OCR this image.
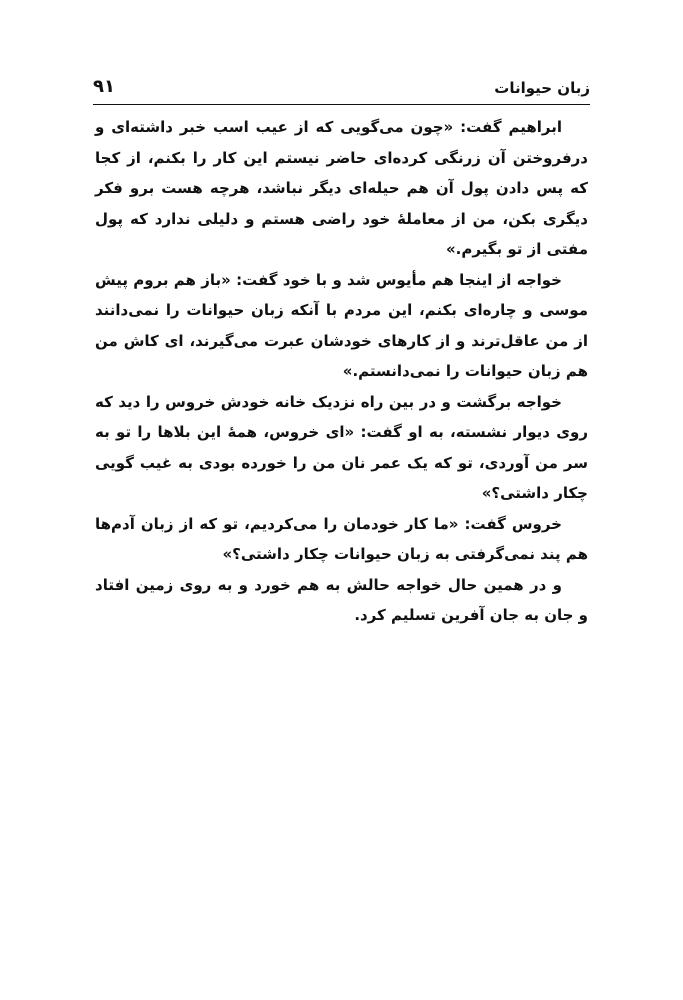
زبان حیوانات
۹۱

ابراهیم گفت: «چون می‌گویی که از عیب اسب خبر داشته‌ای و درفروختن آن زرنگی کرده‌ای حاضر نیستم این کار را بکنم، از کجا که پس دادن پول آن هم حیله‌ای دیگر نباشد، هرچه هست برو فکر دیگری بکن، من از معاملهٔ خود راضی هستم و دلیلی ندارد که پول مفتی از تو بگیرم.»

خواجه از اینجا هم مأیوس شد و با خود گفت: «باز هم بروم پیش موسی و چاره‌ای بکنم، این مردم با آنکه زبان حیوانات را نمی‌دانند از من عاقل‌ترند و از کارهای خودشان عبرت می‌گیرند، ای کاش من هم زبان حیوانات را نمی‌دانستم.»

خواجه برگشت و در بین راه نزدیک خانه خودش خروس را دید که روی دیوار نشسته، به او گفت: «ای خروس، همهٔ این بلاها را تو به سر من آوردی، تو که یک عمر نان من را خورده بودی به غیب گویی چکار داشتی؟»

خروس گفت: «ما کار خودمان را می‌کردیم، تو که از زبان آدم‌ها هم پند نمی‌گرفتی به زبان حیوانات چکار داشتی؟»

و در همین حال خواجه حالش به هم خورد و به روی زمین افتاد و جان به جان آفرین تسلیم کرد.
